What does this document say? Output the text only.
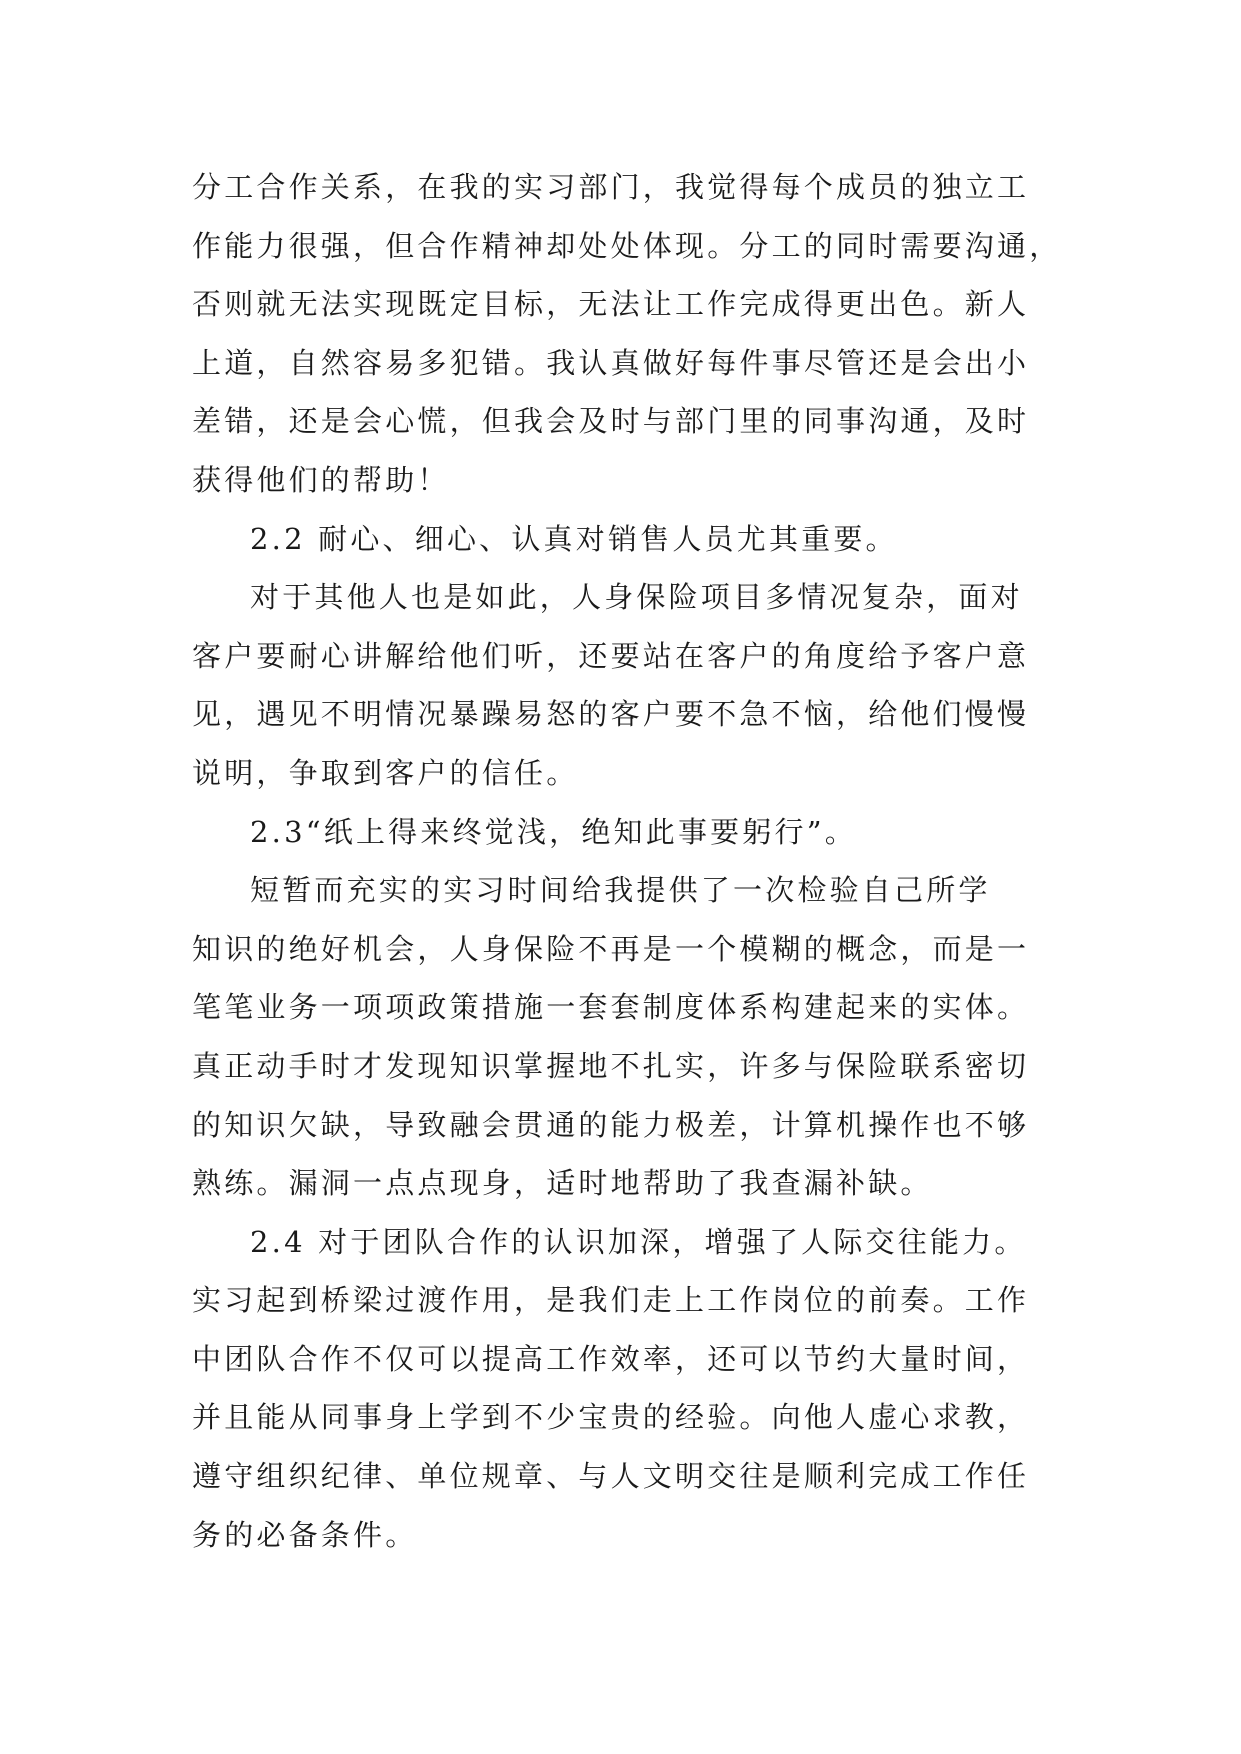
分工合作关系，在我的实习部门，我觉得每个成员的独立工
作能力很强，但合作精神却处处体现。分工的同时需要沟通，
否则就无法实现既定目标，无法让工作完成得更出色。新人
上道，自然容易多犯错。我认真做好每件事尽管还是会出小
差错，还是会心慌，但我会及时与部门里的同事沟通，及时
获得他们的帮助！
2.2 耐心、细心、认真对销售人员尤其重要。
对于其他人也是如此，人身保险项目多情况复杂，面对
客户要耐心讲解给他们听，还要站在客户的角度给予客户意
见，遇见不明情况暴躁易怒的客户要不急不恼，给他们慢慢
说明，争取到客户的信任。
2.3“纸上得来终觉浅，绝知此事要躬行”。
短暂而充实的实习时间给我提供了一次检验自己所学
知识的绝好机会，人身保险不再是一个模糊的概念，而是一
笔笔业务一项项政策措施一套套制度体系构建起来的实体。
真正动手时才发现知识掌握地不扎实，许多与保险联系密切
的知识欠缺，导致融会贯通的能力极差，计算机操作也不够
熟练。漏洞一点点现身，适时地帮助了我查漏补缺。
2.4 对于团队合作的认识加深，增强了人际交往能力。
实习起到桥梁过渡作用，是我们走上工作岗位的前奏。工作
中团队合作不仅可以提高工作效率，还可以节约大量时间，
并且能从同事身上学到不少宝贵的经验。向他人虚心求教，
遵守组织纪律、单位规章、与人文明交往是顺利完成工作任
务的必备条件。
